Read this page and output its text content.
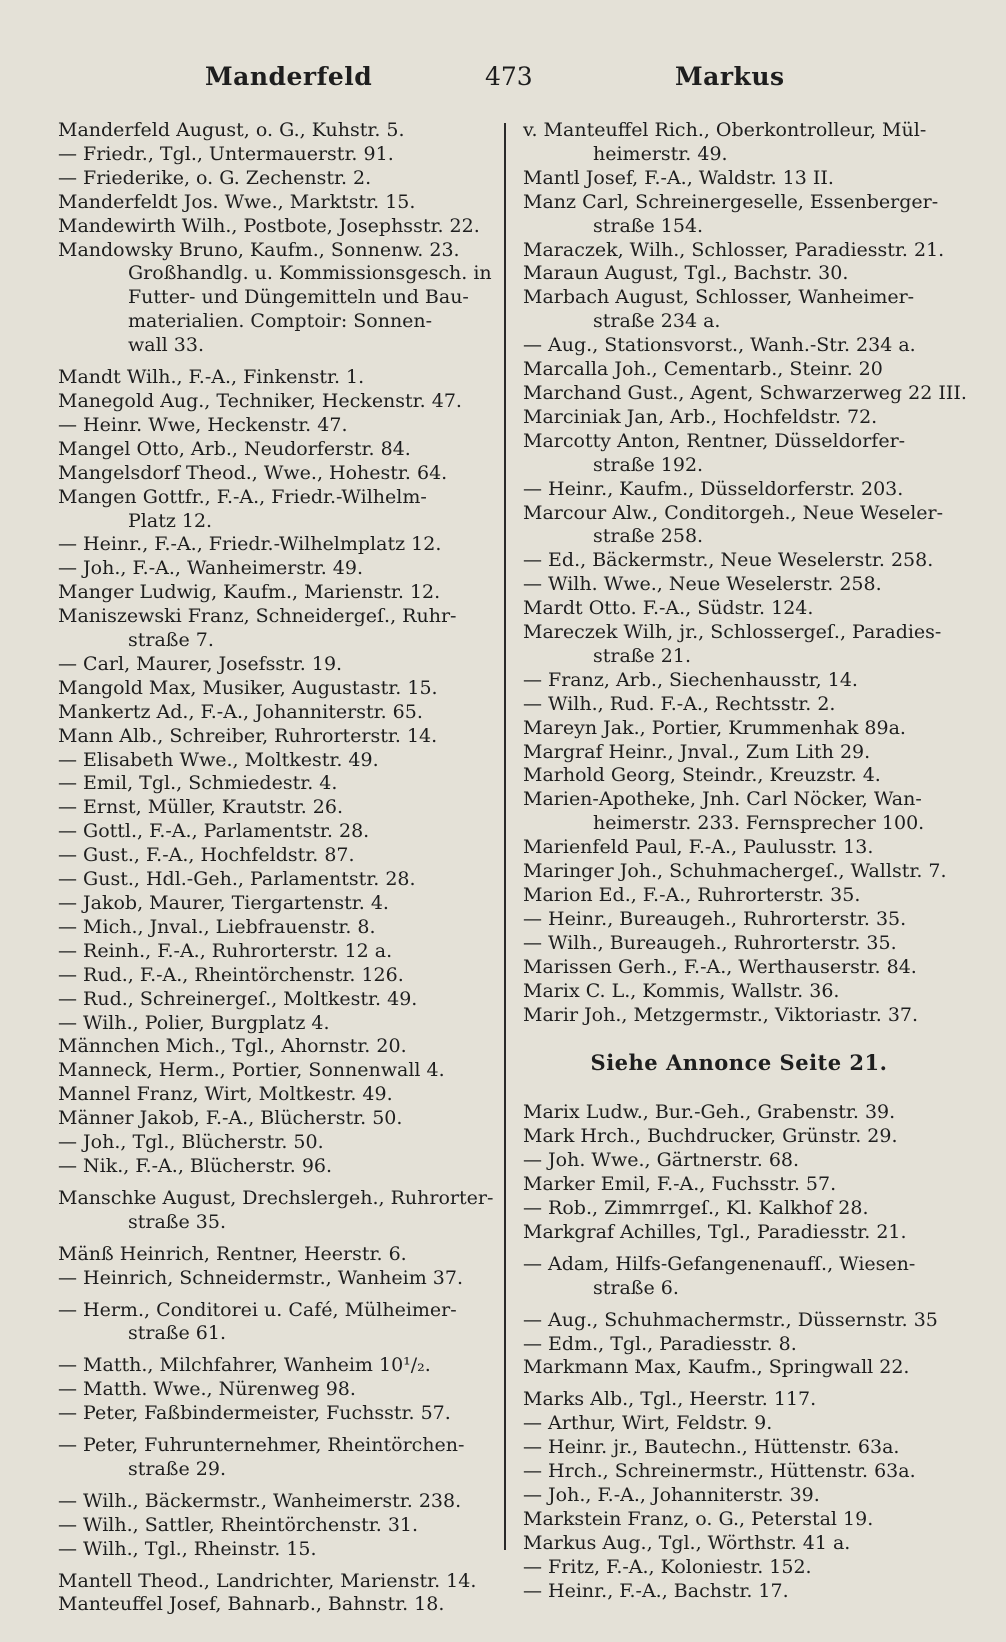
Manderfeld	473	Markus
Manderfeld August, o. G., Kuhstr. 5.
— Friedr., Tgl., Untermauerstr. 91.
— Friederike, o. G. Zechenstr. 2.
Manderfeldt Jos. Wwe., Marktstr. 15.
Mandewirth Wilh., Postbote, Josephsstr. 22.
Mandowsky Bruno, Kaufm., Sonnenw. 23.
Großhandlg. u. Kommissionsgesch. in
Futter- und Düngemitteln und Bau-
materialien. Comptoir: Sonnen-
wall 33.
Mandt Wilh., F.-A., Finkenstr. 1.
Manegold Aug., Techniker, Heckenstr. 47.
— Heinr. Wwe, Heckenstr. 47.
Mangel Otto, Arb., Neudorferstr. 84.
Mangelsdorf Theod., Wwe., Hohestr. 64.
Mangen Gottfr., F.-A., Friedr.-Wilhelm-
Platz 12.
— Heinr., F.-A., Friedr.-Wilhelmplatz 12.
— Joh., F.-A., Wanheimerstr. 49.
Manger Ludwig, Kaufm., Marienstr. 12.
Maniszewski Franz, Schneidergeſ., Ruhr-
straße 7.
— Carl, Maurer, Josefsstr. 19.
Mangold Max, Musiker, Augustastr. 15.
Mankertz Ad., F.-A., Johanniterstr. 65.
Mann Alb., Schreiber, Ruhrorterstr. 14.
— Elisabeth Wwe., Moltkestr. 49.
— Emil, Tgl., Schmiedestr. 4.
— Ernst, Müller, Krautstr. 26.
— Gottl., F.-A., Parlamentstr. 28.
— Gust., F.-A., Hochfeldstr. 87.
— Gust., Hdl.-Geh., Parlamentstr. 28.
— Jakob, Maurer, Tiergartenstr. 4.
— Mich., Jnval., Liebfrauenstr. 8.
— Reinh., F.-A., Ruhrorterstr. 12 a.
— Rud., F.-A., Rheintörchenstr. 126.
— Rud., Schreinergeſ., Moltkestr. 49.
— Wilh., Polier, Burgplatz 4.
Männchen Mich., Tgl., Ahornstr. 20.
Manneck, Herm., Portier, Sonnenwall 4.
Mannel Franz, Wirt, Moltkestr. 49.
Männer Jakob, F.-A., Blücherstr. 50.
— Joh., Tgl., Blücherstr. 50.
— Nik., F.-A., Blücherstr. 96.
Manschke August, Drechslergeh., Ruhrorter-
straße 35.
Mänß Heinrich, Rentner, Heerstr. 6.
— Heinrich, Schneidermstr., Wanheim 37.
— Herm., Conditorei u. Café, Mülheimer-
straße 61.
— Matth., Milchfahrer, Wanheim 10¹/₂.
— Matth. Wwe., Nürenweg 98.
— Peter, Faßbindermeister, Fuchsstr. 57.
— Peter, Fuhrunternehmer, Rheintörchen-
straße 29.
— Wilh., Bäckermstr., Wanheimerstr. 238.
— Wilh., Sattler, Rheintörchenstr. 31.
— Wilh., Tgl., Rheinstr. 15.
Mantell Theod., Landrichter, Marienstr. 14.
Manteuffel Josef, Bahnarb., Bahnstr. 18.
v. Manteuffel Rich., Oberkontrolleur, Mül-
heimerstr. 49.
Mantl Josef, F.-A., Waldstr. 13 II.
Manz Carl, Schreinergeselle, Essenberger-
straße 154.
Maraczek, Wilh., Schlosser, Paradiesstr. 21.
Maraun August, Tgl., Bachstr. 30.
Marbach August, Schlosser, Wanheimer-
straße 234 a.
— Aug., Stationsvorst., Wanh.-Str. 234 a.
Marcalla Joh., Cementarb., Steinr. 20
Marchand Gust., Agent, Schwarzerweg 22 III.
Marciniak Jan, Arb., Hochfeldstr. 72.
Marcotty Anton, Rentner, Düsseldorfer-
straße 192.
— Heinr., Kaufm., Düsseldorferstr. 203.
Marcour Alw., Conditorgeh., Neue Weseler-
straße 258.
— Ed., Bäckermstr., Neue Weselerstr. 258.
— Wilh. Wwe., Neue Weselerstr. 258.
Mardt Otto. F.-A., Südstr. 124.
Mareczek Wilh, jr., Schlossergeſ., Paradies-
straße 21.
— Franz, Arb., Siechenhausstr, 14.
— Wilh., Rud. F.-A., Rechtsstr. 2.
Mareyn Jak., Portier, Krummenhak 89a.
Margraf Heinr., Jnval., Zum Lith 29.
Marhold Georg, Steindr., Kreuzstr. 4.
Marien-Apotheke, Jnh. Carl Nöcker, Wan-
heimerstr. 233. Fernsprecher 100.
Marienfeld Paul, F.-A., Paulusstr. 13.
Maringer Joh., Schuhmachergeſ., Wallstr. 7.
Marion Ed., F.-A., Ruhrorterstr. 35.
— Heinr., Bureaugeh., Ruhrorterstr. 35.
— Wilh., Bureaugeh., Ruhrorterstr. 35.
Marissen Gerh., F.-A., Werthauserstr. 84.
Marix C. L., Kommis, Wallstr. 36.
Marir Joh., Metzgermstr., Viktoriastr. 37.
Siehe Annonce Seite 21.
Marix Ludw., Bur.-Geh., Grabenstr. 39.
Mark Hrch., Buchdrucker, Grünstr. 29.
— Joh. Wwe., Gärtnerstr. 68.
Marker Emil, F.-A., Fuchsstr. 57.
— Rob., Zimmrrgeſ., Kl. Kalkhof 28.
Markgraf Achilles, Tgl., Paradiesstr. 21.
— Adam, Hilfs-Gefangenenaufſ., Wiesen-
straße 6.
— Aug., Schuhmachermstr., Düssernstr. 35
— Edm., Tgl., Paradiesstr. 8.
Markmann Max, Kaufm., Springwall 22.
Marks Alb., Tgl., Heerstr. 117.
— Arthur, Wirt, Feldstr. 9.
— Heinr. jr., Bautechn., Hüttenstr. 63a.
— Hrch., Schreinermstr., Hüttenstr. 63a.
— Joh., F.-A., Johanniterstr. 39.
Markstein Franz, o. G., Peterstal 19.
Markus Aug., Tgl., Wörthstr. 41 a.
— Fritz, F.-A., Koloniestr. 152.
— Heinr., F.-A., Bachstr. 17.
